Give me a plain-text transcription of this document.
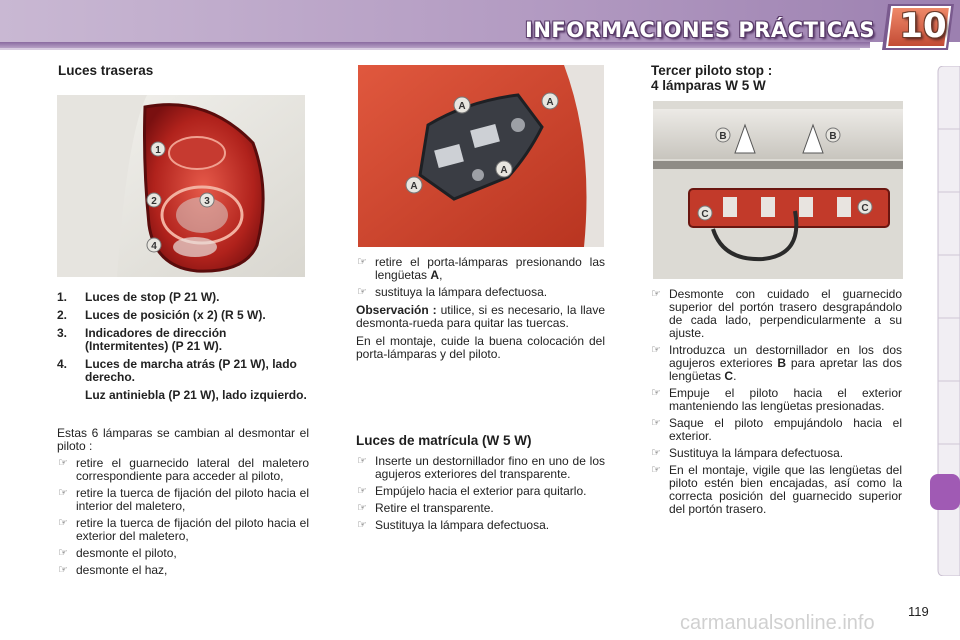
INFORMACIONES PRÁCTICAS 10
Luces traseras
1
2	3
4
1. Luces de stop (P 21 W).
2. Luces de posición (x 2) (R 5 W).
3. Indicadores de dirección (Intermitentes) (P 21 W).
4. Luces de marcha atrás (P 21 W), lado derecho.
Luz antiniebla (P 21 W), lado izquierdo.

Estas 6 lámparas se cambian al desmontar el piloto :

☞ retire el guarnecido lateral del maletero correspondiente para acceder al piloto,
☞ retire la tuerca de fijación del piloto hacia el interior del maletero,
☞ retire la tuerca de fijación del piloto hacia el exterior del maletero,
☞ desmonte el piloto,
☞ desmonte el haz,
A	A
A
A
☞ retire el porta-lámparas presionando las lengüetas A,
☞ sustituya la lámpara defectuosa.

Observación : utilice, si es necesario, la llave desmonta-rueda para quitar las tuercas.

En el montaje, cuide la buena colocación del porta-lámparas y del piloto.

Luces de matrícula (W 5 W)
☞ Inserte un destornillador fino en uno de los agujeros exteriores del transparente.
☞ Empújelo hacia el exterior para quitarlo.
☞ Retire el transparente.
☞ Sustituya la lámpara defectuosa.
Tercer piloto stop :
4 lámparas W 5 W
B	B
C
C
☞ Desmonte con cuidado el guarnecido superior del portón trasero desgrapándolo de cada lado, perpendicularmente a su ajuste.
☞ Introduzca un destornillador en los dos agujeros exteriores B para apretar las dos lengüetas C.
☞ Empuje el piloto hacia el exterior manteniendo las lengüetas presionadas.
☞ Saque el piloto empujándolo hacia el exterior.
☞ Sustituya la lámpara defectuosa.
☞ En el montaje, vigile que las lengüetas del piloto estén bien encajadas, así como la correcta posición del guarnecido superior del portón trasero.
119
carmanualsonline.info
